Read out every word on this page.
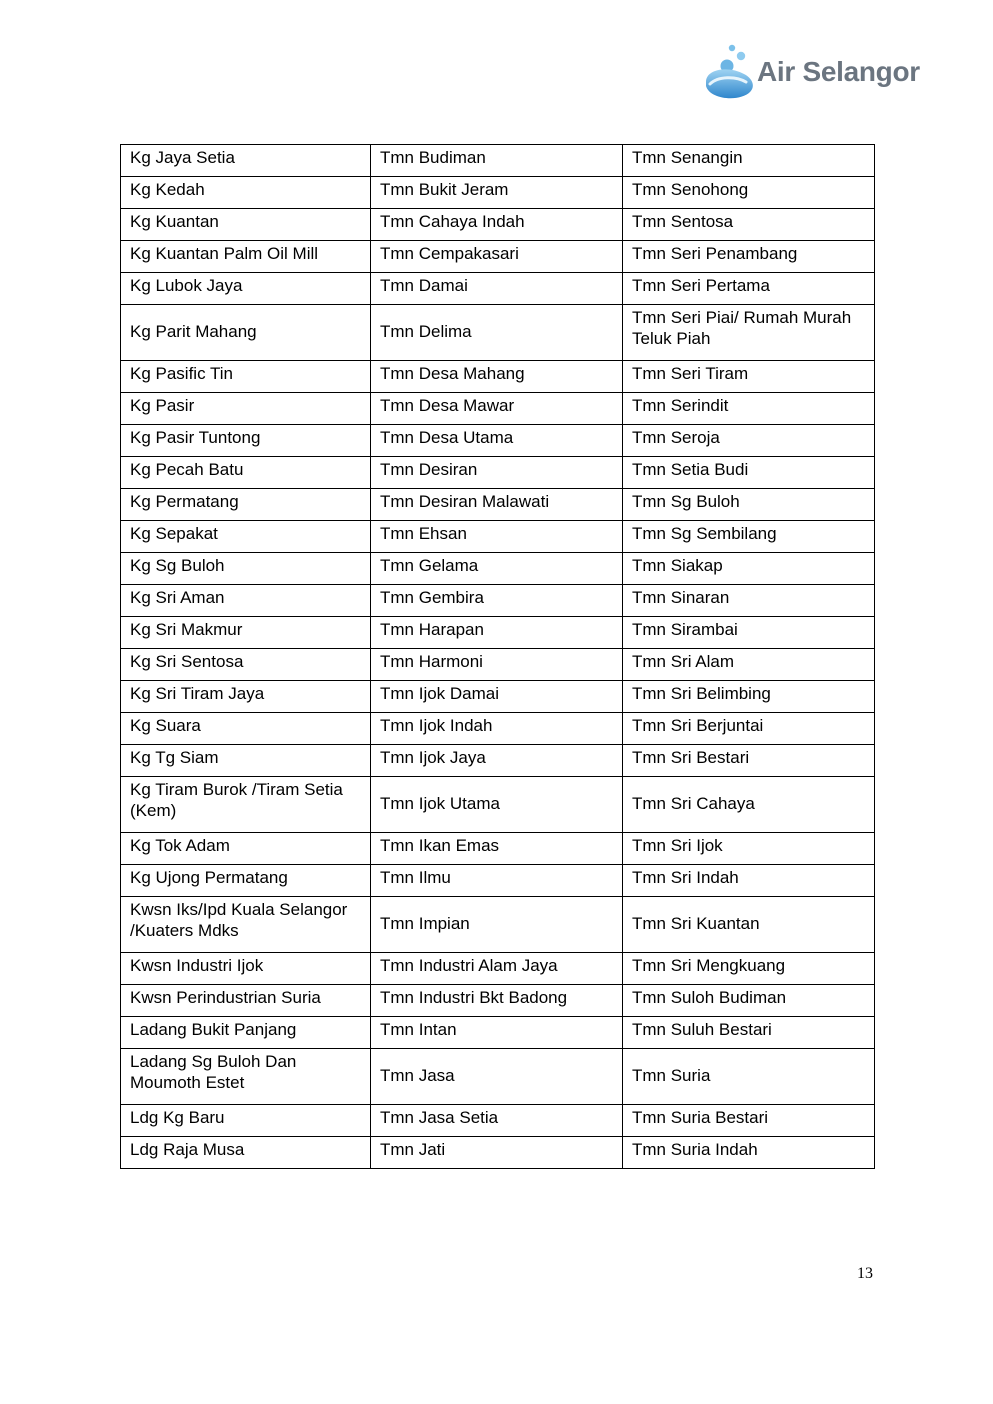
Air Selangor
Kg Jaya Setia	Tmn Budiman	Tmn Senangin
Kg Kedah	Tmn Bukit Jeram	Tmn Senohong
Kg Kuantan	Tmn Cahaya Indah	Tmn Sentosa
Kg Kuantan Palm Oil Mill	Tmn Cempakasari	Tmn Seri Penambang
Kg Lubok Jaya	Tmn Damai	Tmn Seri Pertama
Kg Parit Mahang	Tmn Delima	Tmn Seri Piai/ Rumah Murah Teluk Piah
Kg Pasific Tin	Tmn Desa Mahang	Tmn Seri Tiram
Kg Pasir	Tmn Desa Mawar	Tmn Serindit
Kg Pasir Tuntong	Tmn Desa Utama	Tmn Seroja
Kg Pecah Batu	Tmn Desiran	Tmn Setia Budi
Kg Permatang	Tmn Desiran Malawati	Tmn Sg Buloh
Kg Sepakat	Tmn Ehsan	Tmn Sg Sembilang
Kg Sg Buloh	Tmn Gelama	Tmn Siakap
Kg Sri Aman	Tmn Gembira	Tmn Sinaran
Kg Sri Makmur	Tmn Harapan	Tmn Sirambai
Kg Sri Sentosa	Tmn Harmoni	Tmn Sri Alam
Kg Sri Tiram Jaya	Tmn Ijok Damai	Tmn Sri Belimbing
Kg Suara	Tmn Ijok Indah	Tmn Sri Berjuntai
Kg Tg Siam	Tmn Ijok Jaya	Tmn Sri Bestari
Kg Tiram Burok /Tiram Setia (Kem)	Tmn Ijok Utama	Tmn Sri Cahaya
Kg Tok Adam	Tmn Ikan Emas	Tmn Sri Ijok
Kg Ujong Permatang	Tmn Ilmu	Tmn Sri Indah
Kwsn Iks/Ipd Kuala Selangor /Kuaters Mdks	Tmn Impian	Tmn Sri Kuantan
Kwsn Industri Ijok	Tmn Industri Alam Jaya	Tmn Sri Mengkuang
Kwsn Perindustrian Suria	Tmn Industri Bkt Badong	Tmn Suloh Budiman
Ladang Bukit Panjang	Tmn Intan	Tmn Suluh Bestari
Ladang Sg Buloh Dan Moumoth Estet	Tmn Jasa	Tmn Suria
Ldg Kg Baru	Tmn Jasa Setia	Tmn Suria Bestari
Ldg Raja Musa	Tmn Jati	Tmn Suria Indah
13
